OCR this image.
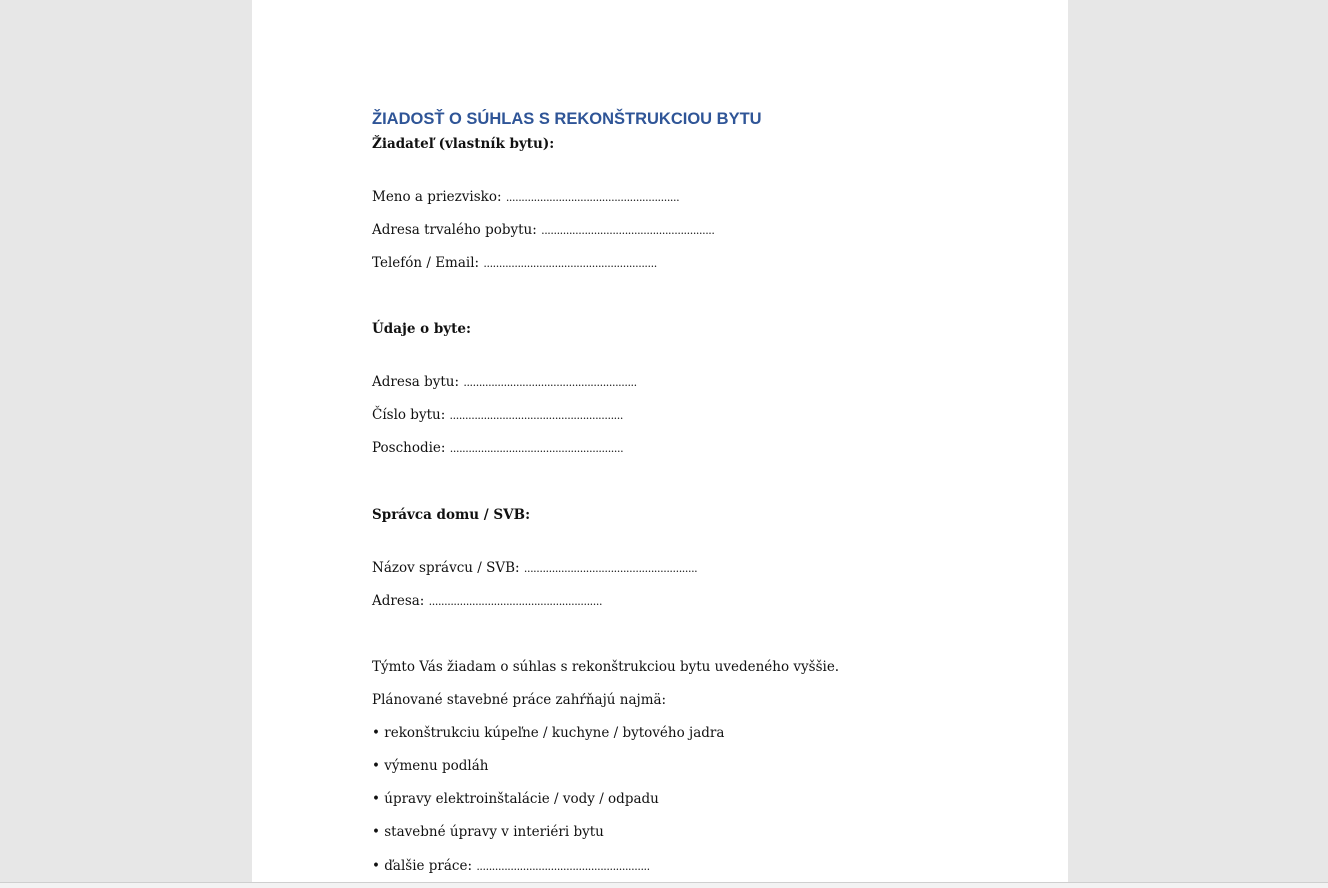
ŽIADOSŤ O SÚHLAS S REKONŠTRUKCIOU BYTU
Žiadateľ (vlastník bytu):
Meno a priezvisko: ........................................................
Adresa trvalého pobytu: ........................................................
Telefón / Email: ........................................................
Údaje o byte:
Adresa bytu: ........................................................
Číslo bytu: ........................................................
Poschodie: ........................................................
Správca domu / SVB:
Názov správcu / SVB: ........................................................
Adresa: ........................................................
Týmto Vás žiadam o súhlas s rekonštrukciou bytu uvedeného vyššie.
Plánované stavebné práce zahŕňajú najmä:
• rekonštrukciu kúpeľne / kuchyne / bytového jadra
• výmenu podláh
• úpravy elektroinštalácie / vody / odpadu
• stavebné úpravy v interiéri bytu
• ďalšie práce: ........................................................
